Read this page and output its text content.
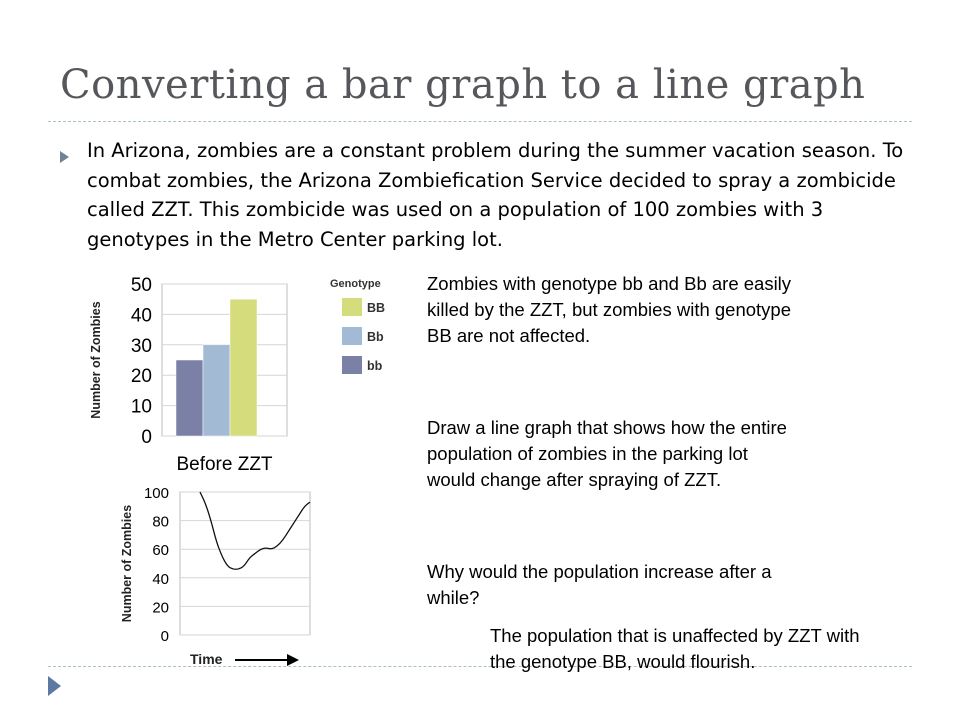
Converting a bar graph to a line graph

In Arizona, zombies are a constant problem during the summer vacation season. To combat zombies, the Arizona Zombiefication Service decided to spray a zombicide called ZZT. This zombicide was used on a population of 100 zombies with 3 genotypes in the Metro Center parking lot.

0
10
20
30
40
50
Number of Zombies
Before ZZT
Genotype
BB
Bb
bb
0
20
40
60
80
100
Number of Zombies
Time

Zombies with genotype bb and Bb are easily killed by the ZZT, but zombies with genotype BB are not affected.

Draw a line graph that shows how the entire population of zombies in the parking lot would change after spraying of ZZT.

Why would the population increase after a while?

The population that is unaffected by ZZT with the genotype BB, would flourish.
